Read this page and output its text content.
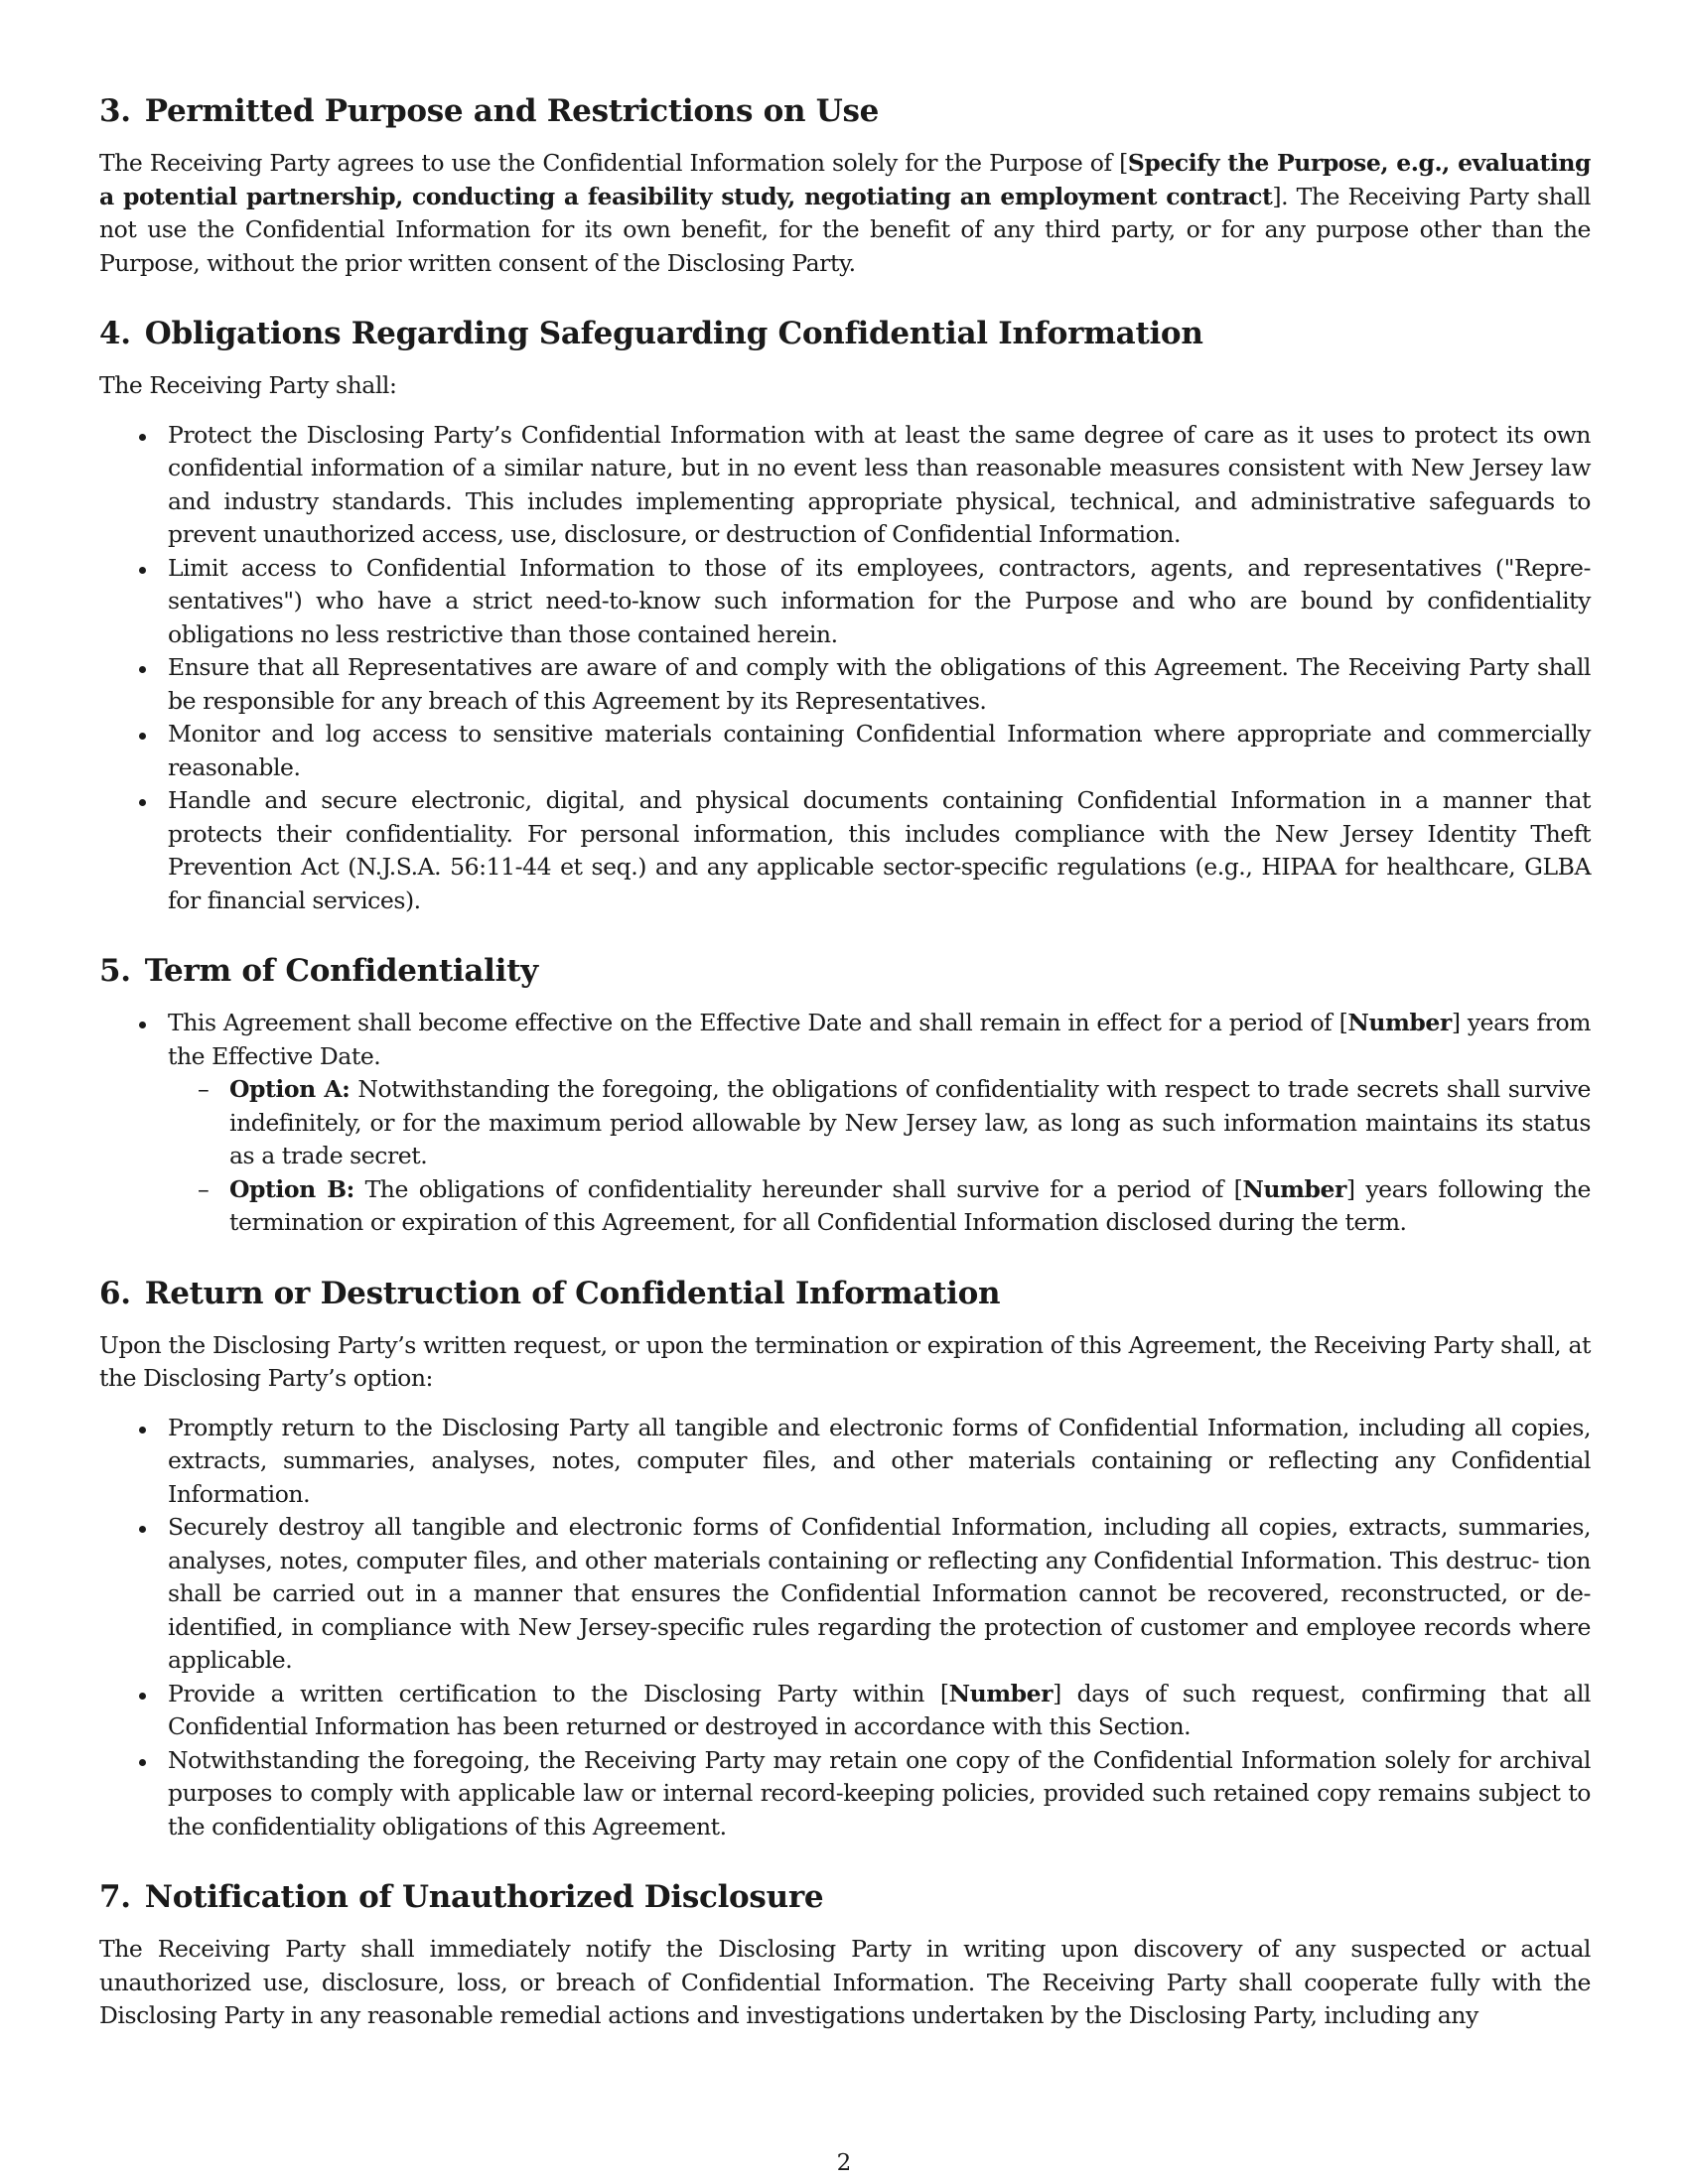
3. Permitted Purpose and Restrictions on Use

The Receiving Party agrees to use the Confidential Information solely for the Purpose of [Specify the Purpose, e.g., evaluating a potential partnership, conducting a feasibility study, negotiating an employment contract]. The Receiving Party shall not use the Confidential Information for its own benefit, for the benefit of any third party, or for any purpose other than the Purpose, without the prior written consent of the Disclosing Party.

4. Obligations Regarding Safeguarding Confidential Information

The Receiving Party shall:

Protect the Disclosing Party’s Confidential Information with at least the same degree of care as it uses to protect its own confidential information of a similar nature, but in no event less than reasonable measures consistent with New Jersey law and industry standards. This includes implementing appropriate physical, technical, and administrative safeguards to prevent unauthorized access, use, disclosure, or destruction of Confidential Information.
Limit access to Confidential Information to those of its employees, contractors, agents, and representatives ("Repre- sentatives") who have a strict need-to-know such information for the Purpose and who are bound by confidentiality obligations no less restrictive than those contained herein.
Ensure that all Representatives are aware of and comply with the obligations of this Agreement. The Receiving Party shall be responsible for any breach of this Agreement by its Representatives.
Monitor and log access to sensitive materials containing Confidential Information where appropriate and commercially reasonable.
Handle and secure electronic, digital, and physical documents containing Confidential Information in a manner that protects their confidentiality. For personal information, this includes compliance with the New Jersey Identity Theft Prevention Act (N.J.S.A. 56:11-44 et seq.) and any applicable sector-specific regulations (e.g., HIPAA for healthcare, GLBA for financial services).
5. Term of Confidentiality
This Agreement shall become effective on the Effective Date and shall remain in effect for a period of [Number] years from the Effective Date.
– Option A: Notwithstanding the foregoing, the obligations of confidentiality with respect to trade secrets shall survive indefinitely, or for the maximum period allowable by New Jersey law, as long as such information maintains its status as a trade secret.
– Option B: The obligations of confidentiality hereunder shall survive for a period of [Number] years following the termination or expiration of this Agreement, for all Confidential Information disclosed during the term.
6. Return or Destruction of Confidential Information

Upon the Disclosing Party’s written request, or upon the termination or expiration of this Agreement, the Receiving Party shall, at the Disclosing Party’s option:

Promptly return to the Disclosing Party all tangible and electronic forms of Confidential Information, including all copies, extracts, summaries, analyses, notes, computer files, and other materials containing or reflecting any Confidential Information.
Securely destroy all tangible and electronic forms of Confidential Information, including all copies, extracts, summaries, analyses, notes, computer files, and other materials containing or reflecting any Confidential Information. This destruc- tion shall be carried out in a manner that ensures the Confidential Information cannot be recovered, reconstructed, or de-identified, in compliance with New Jersey-specific rules regarding the protection of customer and employee records where applicable.
Provide a written certification to the Disclosing Party within [Number] days of such request, confirming that all Confidential Information has been returned or destroyed in accordance with this Section.
Notwithstanding the foregoing, the Receiving Party may retain one copy of the Confidential Information solely for archival purposes to comply with applicable law or internal record-keeping policies, provided such retained copy remains subject to the confidentiality obligations of this Agreement.
7. Notification of Unauthorized Disclosure

The Receiving Party shall immediately notify the Disclosing Party in writing upon discovery of any suspected or actual unauthorized use, disclosure, loss, or breach of Confidential Information. The Receiving Party shall cooperate fully with the Disclosing Party in any reasonable remedial actions and investigations undertaken by the Disclosing Party, including any

2
